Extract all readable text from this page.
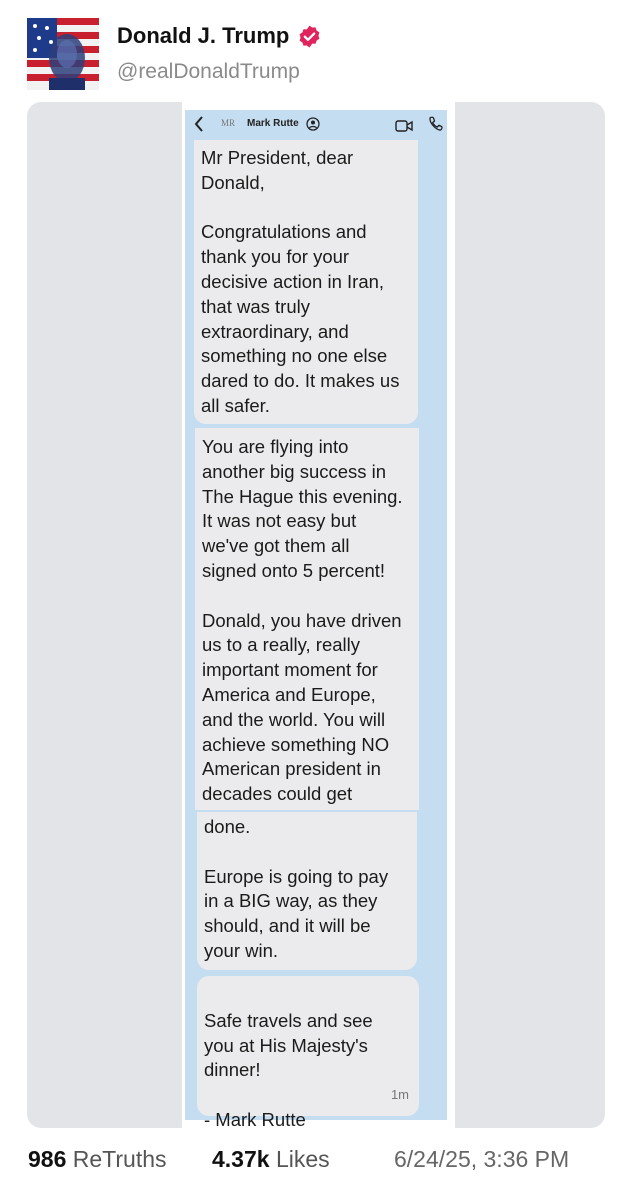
Donald J. Trump
@realDonaldTrump
MR Mark Rutte
Mr President, dear
Donald,

Congratulations and
thank you for your
decisive action in Iran,
that was truly
extraordinary, and
something no one else
dared to do. It makes us
all safer.
You are flying into
another big success in
The Hague this evening.
It was not easy but
we've got them all
signed onto 5 percent!

Donald, you have driven
us to a really, really
important moment for
America and Europe,
and the world. You will
achieve something NO
American president in
decades could get
done.

Europe is going to pay
in a BIG way, as they
should, and it will be
your win.

Safe travels and see
you at His Majesty's
dinner!

- Mark Rutte

1m

986 ReTruths 4.37k Likes	6/24/25, 3:36 PM
